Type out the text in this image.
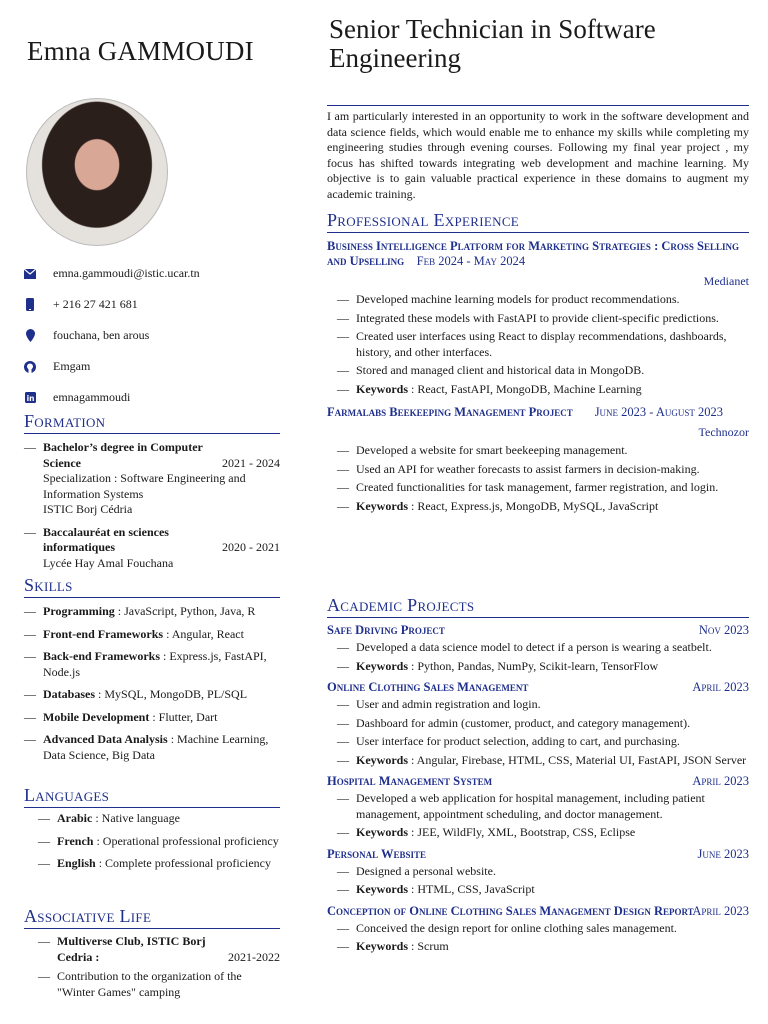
Emna GAMMOUDI
emna.gammoudi@istic.ucar.tn
+ 216 27 421 681
fouchana, ben arous
Emgam
in emnagammoudi
Formation
— Bachelor’s degree in Computer Science	2021 - 2024
Specialization : Software Engineering and Information Systems
ISTIC Borj Cédria
— Baccalauréat en sciences informatiques	2020 - 2021
Lycée Hay Amal Fouchana
Skills
— Programming : JavaScript, Python, Java, R
— Front-end Frameworks : Angular, React
— Back-end Frameworks : Express.js, FastAPI, Node.js
— Databases : MySQL, MongoDB, PL/SQL
— Mobile Development : Flutter, Dart
— Advanced Data Analysis : Machine Learning, Data Science, Big Data
Languages
— Arabic : Native language
— French : Operational professional proficiency
— English : Complete professional proficiency
Associative Life
— Multiverse Club, ISTIC Borj Cedria :	2021-2022
— Contribution to the organization of the "Winter Games" camping
Senior Technician in Software Engineering
I am particularly interested in an opportunity to work in the software development and data science fields, which would enable me to enhance my skills while completing my engineering studies through evening courses. Following my final year project , my focus has shifted towards integrating web development and machine learning. My objective is to gain valuable practical experience in these domains to augment my academic training.
Professional Experience
Business Intelligence Platform for Marketing Strategies : Cross Selling and Upselling Feb 2024 - May 2024
Medianet
— Developed machine learning models for product recommendations.
— Integrated these models with FastAPI to provide client-specific predictions.
— Created user interfaces using React to display recommendations, dashboards, history, and other interfaces.
— Stored and managed client and historical data in MongoDB.
— Keywords : React, FastAPI, MongoDB, Machine Learning
Farmalabs Beekeeping Management Project June 2023 - August 2023
Technozor
— Developed a website for smart beekeeping management.
— Used an API for weather forecasts to assist farmers in decision-making.
— Created functionalities for task management, farmer registration, and login.
— Keywords : React, Express.js, MongoDB, MySQL, JavaScript
Academic Projects
Safe Driving Project	Nov 2023
— Developed a data science model to detect if a person is wearing a seatbelt.
— Keywords : Python, Pandas, NumPy, Scikit-learn, TensorFlow
Online Clothing Sales Management	April 2023
— User and admin registration and login.
— Dashboard for admin (customer, product, and category management).
— User interface for product selection, adding to cart, and purchasing.
— Keywords : Angular, Firebase, HTML, CSS, Material UI, FastAPI, JSON Server
Hospital Management System	April 2023
— Developed a web application for hospital management, including patient management, appointment scheduling, and doctor management.
— Keywords : JEE, WildFly, XML, Bootstrap, CSS, Eclipse
Personal Website	June 2023
— Designed a personal website.
— Keywords : HTML, CSS, JavaScript
Conception of Online Clothing Sales Management Design Report
April 2023
— Conceived the design report for online clothing sales management.
— Keywords : Scrum
